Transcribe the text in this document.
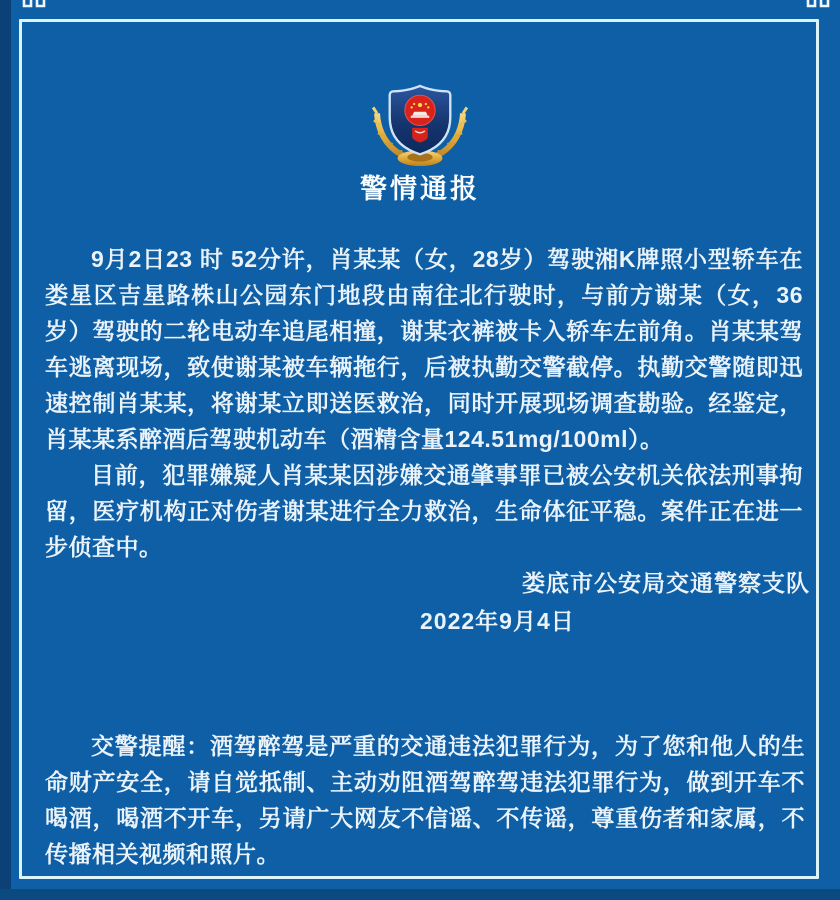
警情通报

9月2日23 时 52分许，肖某某（女，28岁）驾驶湘K牌照小型轿车在娄星区吉星路株山公园东门地段由南往北行驶时，与前方谢某（女，36岁）驾驶的二轮电动车追尾相撞，谢某衣裤被卡入轿车左前角。肖某某驾车逃离现场，致使谢某被车辆拖行，后被执勤交警截停。执勤交警随即迅速控制肖某某，将谢某立即送医救治，同时开展现场调查勘验。经鉴定，肖某某系醉酒后驾驶机动车（酒精含量124.51mg/100ml）。

目前，犯罪嫌疑人肖某某因涉嫌交通肇事罪已被公安机关依法刑事拘留，医疗机构正对伤者谢某进行全力救治，生命体征平稳。案件正在进一步侦查中。

娄底市公安局交通警察支队
2022年9月4日

交警提醒：酒驾醉驾是严重的交通违法犯罪行为，为了您和他人的生命财产安全，请自觉抵制、主动劝阻酒驾醉驾违法犯罪行为，做到开车不喝酒，喝酒不开车，另请广大网友不信谣、不传谣，尊重伤者和家属，不传播相关视频和照片。
